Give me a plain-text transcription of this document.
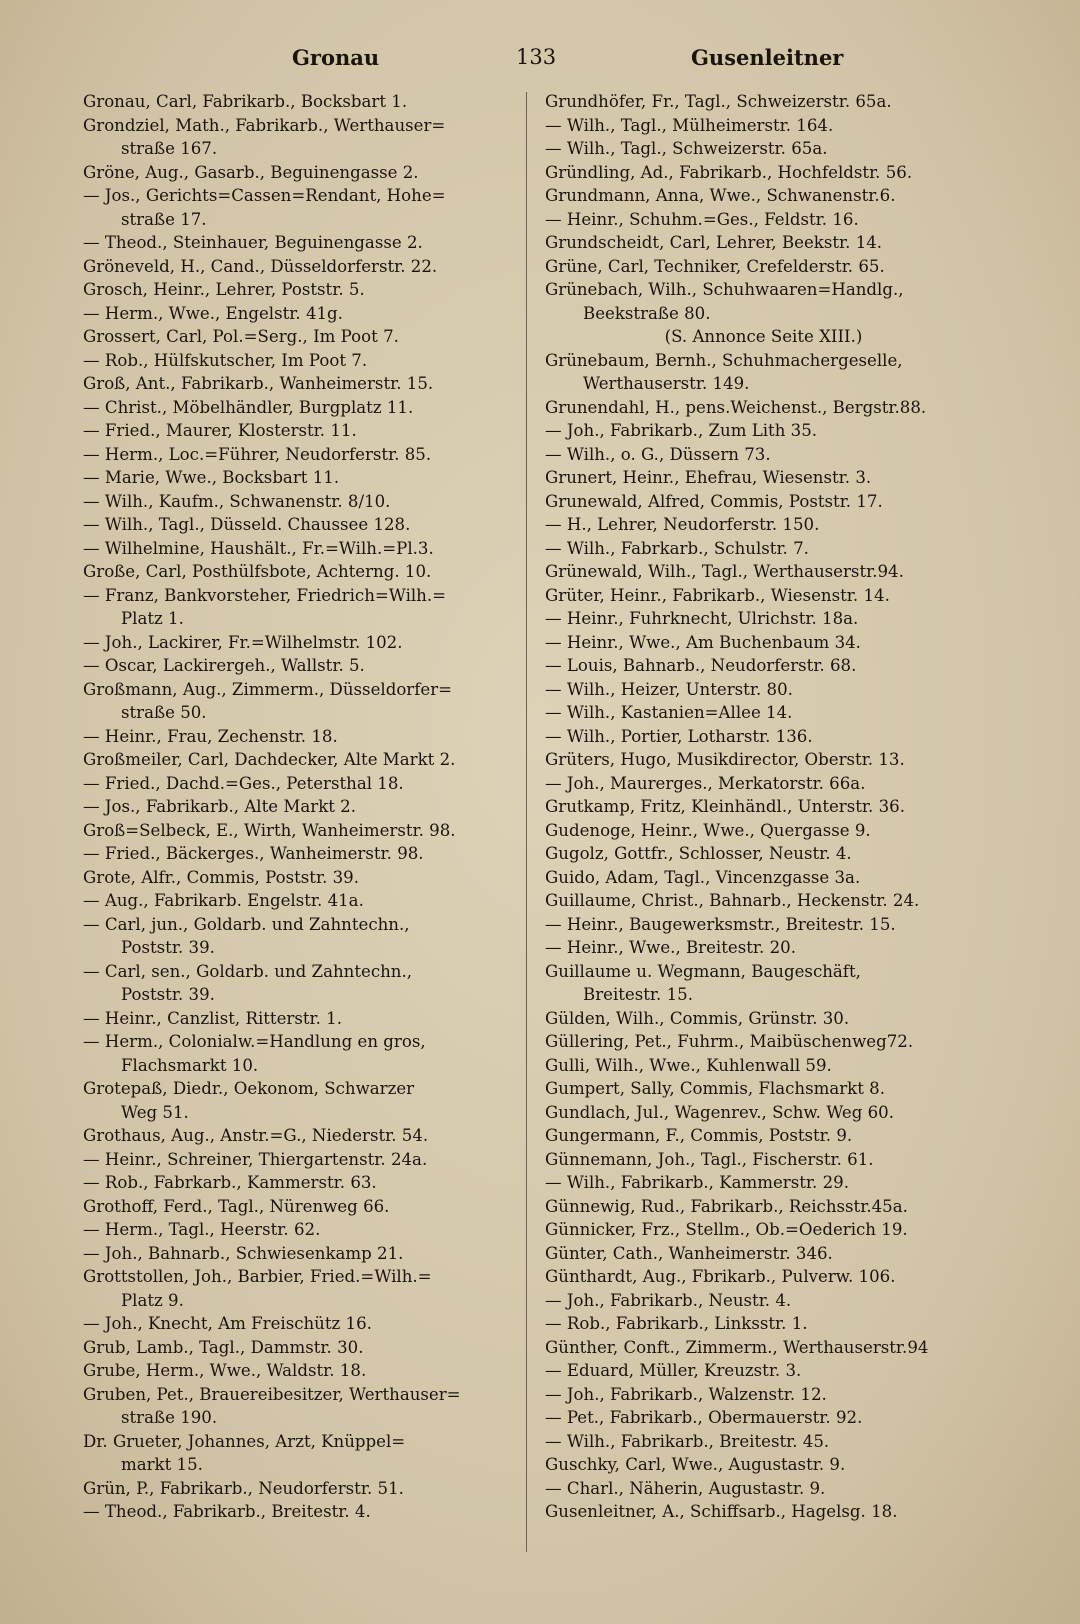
Gronau	133	Gusenleitner

Gronau, Carl, Fabrikarb., Bocksbart 1.

Grondziel, Math., Fabrikarb., Werthauser=

straße 167.

Gröne, Aug., Gasarb., Beguinengasse 2.

— Jos., Gerichts=Cassen=Rendant, Hohe=

straße 17.

— Theod., Steinhauer, Beguinengasse 2.

Gröneveld, H., Cand., Düsseldorferstr. 22.

Grosch, Heinr., Lehrer, Poststr. 5.

— Herm., Wwe., Engelstr. 41g.

Grossert, Carl, Pol.=Serg., Im Poot 7.

— Rob., Hülfskutscher, Im Poot 7.

Groß, Ant., Fabrikarb., Wanheimerstr. 15.

— Christ., Möbelhändler, Burgplatz 11.

— Fried., Maurer, Klosterstr. 11.

— Herm., Loc.=Führer, Neudorferstr. 85.

— Marie, Wwe., Bocksbart 11.

— Wilh., Kaufm., Schwanenstr. 8/10.

— Wilh., Tagl., Düsseld. Chaussee 128.

— Wilhelmine, Haushält., Fr.=Wilh.=Pl.3.

Große, Carl, Posthülfsbote, Achterng. 10.

— Franz, Bankvorsteher, Friedrich=Wilh.=

Platz 1.

— Joh., Lackirer, Fr.=Wilhelmstr. 102.

— Oscar, Lackirergeh., Wallstr. 5.

Großmann, Aug., Zimmerm., Düsseldorfer=

straße 50.

— Heinr., Frau, Zechenstr. 18.

Großmeiler, Carl, Dachdecker, Alte Markt 2.

— Fried., Dachd.=Ges., Petersthal 18.

— Jos., Fabrikarb., Alte Markt 2.

Groß=Selbeck, E., Wirth, Wanheimerstr. 98.

— Fried., Bäckerges., Wanheimerstr. 98.

Grote, Alfr., Commis, Poststr. 39.

— Aug., Fabrikarb. Engelstr. 41a.

— Carl, jun., Goldarb. und Zahntechn.,

Poststr. 39.

— Carl, sen., Goldarb. und Zahntechn.,

Poststr. 39.

— Heinr., Canzlist, Ritterstr. 1.

— Herm., Colonialw.=Handlung en gros,

Flachsmarkt 10.

Grotepaß, Diedr., Oekonom, Schwarzer

Weg 51.

Grothaus, Aug., Anstr.=G., Niederstr. 54.

— Heinr., Schreiner, Thiergartenstr. 24a.

— Rob., Fabrkarb., Kammerstr. 63.

Grothoff, Ferd., Tagl., Nürenweg 66.

— Herm., Tagl., Heerstr. 62.

— Joh., Bahnarb., Schwiesenkamp 21.

Grottstollen, Joh., Barbier, Fried.=Wilh.=

Platz 9.

— Joh., Knecht, Am Freischütz 16.

Grub, Lamb., Tagl., Dammstr. 30.

Grube, Herm., Wwe., Waldstr. 18.

Gruben, Pet., Brauereibesitzer, Werthauser=

straße 190.

Dr. Grueter, Johannes, Arzt, Knüppel=

markt 15.

Grün, P., Fabrikarb., Neudorferstr. 51.

— Theod., Fabrikarb., Breitestr. 4.

Grundhöfer, Fr., Tagl., Schweizerstr. 65a.

— Wilh., Tagl., Mülheimerstr. 164.

— Wilh., Tagl., Schweizerstr. 65a.

Gründling, Ad., Fabrikarb., Hochfeldstr. 56.

Grundmann, Anna, Wwe., Schwanenstr.6.

— Heinr., Schuhm.=Ges., Feldstr. 16.

Grundscheidt, Carl, Lehrer, Beekstr. 14.

Grüne, Carl, Techniker, Crefelderstr. 65.

Grünebach, Wilh., Schuhwaaren=Handlg.,

Beekstraße 80.

(S. Annonce Seite XIII.)

Grünebaum, Bernh., Schuhmachergeselle,

Werthauserstr. 149.

Grunendahl, H., pens.Weichenst., Bergstr.88.

— Joh., Fabrikarb., Zum Lith 35.

— Wilh., o. G., Düssern 73.

Grunert, Heinr., Ehefrau, Wiesenstr. 3.

Grunewald, Alfred, Commis, Poststr. 17.

— H., Lehrer, Neudorferstr. 150.

— Wilh., Fabrkarb., Schulstr. 7.

Grünewald, Wilh., Tagl., Werthauserstr.94.

Grüter, Heinr., Fabrikarb., Wiesenstr. 14.

— Heinr., Fuhrknecht, Ulrichstr. 18a.

— Heinr., Wwe., Am Buchenbaum 34.

— Louis, Bahnarb., Neudorferstr. 68.

— Wilh., Heizer, Unterstr. 80.

— Wilh., Kastanien=Allee 14.

— Wilh., Portier, Lotharstr. 136.

Grüters, Hugo, Musikdirector, Oberstr. 13.

— Joh., Maurerges., Merkatorstr. 66a.

Grutkamp, Fritz, Kleinhändl., Unterstr. 36.

Gudenoge, Heinr., Wwe., Quergasse 9.

Gugolz, Gottfr., Schlosser, Neustr. 4.

Guido, Adam, Tagl., Vincenzgasse 3a.

Guillaume, Christ., Bahnarb., Heckenstr. 24.

— Heinr., Baugewerksmstr., Breitestr. 15.

— Heinr., Wwe., Breitestr. 20.

Guillaume u. Wegmann, Baugeschäft,

Breitestr. 15.

Gülden, Wilh., Commis, Grünstr. 30.

Güllering, Pet., Fuhrm., Maibüschenweg72.

Gulli, Wilh., Wwe., Kuhlenwall 59.

Gumpert, Sally, Commis, Flachsmarkt 8.

Gundlach, Jul., Wagenrev., Schw. Weg 60.

Gungermann, F., Commis, Poststr. 9.

Günnemann, Joh., Tagl., Fischerstr. 61.

— Wilh., Fabrikarb., Kammerstr. 29.

Günnewig, Rud., Fabrikarb., Reichsstr.45a.

Günnicker, Frz., Stellm., Ob.=Oederich 19.

Günter, Cath., Wanheimerstr. 346.

Günthardt, Aug., Fbrikarb., Pulverw. 106.

— Joh., Fabrikarb., Neustr. 4.

— Rob., Fabrikarb., Linksstr. 1.

Günther, Conft., Zimmerm., Werthauserstr.94

— Eduard, Müller, Kreuzstr. 3.

— Joh., Fabrikarb., Walzenstr. 12.

— Pet., Fabrikarb., Obermauerstr. 92.

— Wilh., Fabrikarb., Breitestr. 45.

Guschky, Carl, Wwe., Augustastr. 9.

— Charl., Näherin, Augustastr. 9.

Gusenleitner, A., Schiffsarb., Hagelsg. 18.
